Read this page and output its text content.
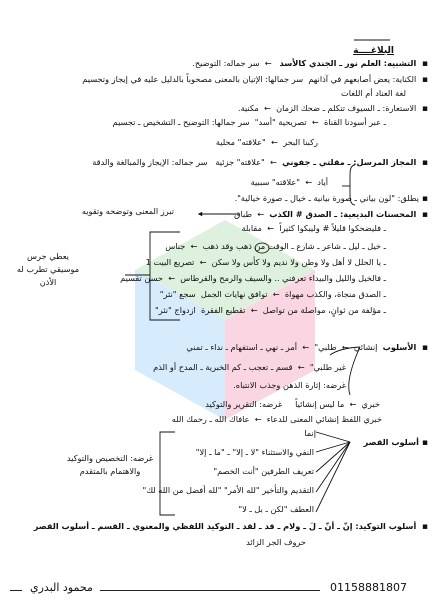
البلاغــــة
▪ التشبيه: العلم نور ـ الجندي كالأسد   ←  سر جماله: التوضيح.
▪ الكناية: يعض أصابعهم في آذانهم  سر جمالها: الإتيان بالمعنى مصحوباً بالدليل عليه في إيجاز وتجسيم
لغة العناد أم اللغات
▪ الاستعارة: ـ السيوف تتكلم ـ ضحك الزمان  ←  مكنية.
ـ عبر أسودنا القناة  ←  تصريحية "أسد"  سر جمالها: التوضيح ـ التشخيص ـ تجسيم
ركبنا البحر  ←  "علاقته" محلية
▪ المجاز المرسل: ـ مقلتي ـ جفوني  ←  "علاقته" جزئية   سر جماله: الإيجاز والمبالغة والدقة
أياد  ←  "علاقته" سببية
▪ يطلق: "لون بياني ـ صورة بيانية ـ خيال ـ صورة خيالية".
▪ المحسنات البديعية: ـ الصدق # الكذب  ←  طباق
تبرز المعنى وتوضحه وتقويه
ـ فليضحكوا قليلاً # وليبكوا كثيراً  ←  مقابلة
ـ خيل ـ ليل ـ شاعر ـ شارع ـ الوقت من ذهب وقد ذهب  ←  جناس
ـ يا الحلل لا أهل ولا وطن ولا نديم ولا كأس ولا سكن  ←  تصريع البيت 1
ـ فالخيل والليل والبيداء تعرفني .. والسيف والرمح والقرطاس  ←  حسن تقسيم
ـ الصدق منجاة، والكذب مهواة  ←  توافق نهايات الجمل  سجع "نثر"
ـ مؤلفة من ثوانٍ، مواصلة من تواصل  ←  تقطيع الفقرة  ازدواج "نثر"
يعطي جرس موسيقي تطرب له الأذن
▪ الأسلوب  إنشائي  ←  طلبي"  ←  أمر ـ نهي ـ استفهام ـ نداء ـ تمني
غير طلبي"  ←  قسم ـ تعجب ـ كم الخبرية ـ المدح أو الذم
غرضه: إثارة الذهن وجذب الانتباه.
خبري  ←  ما ليس إنشائياً     غرضه: التقرير والتوكيد
خبري اللفظ إنشائي المعنى للدعاء  ←  عافاك الله ـ رحمك الله
▪ أسلوب القصر
إنما
النفي والاستثناء "لا ـ إلا" ـ "ما ـ إلا"
تعريف الطرفين "أنت الخصم"
التقديم والتأخير "لله الأمر" "لله أفضل من الله لك"
العطف "لكن ـ بل ـ لا"
غرضه: التخصيص والتوكيد والاهتمام بالمتقدم
▪ أسلوب التوكيد: إنّ ـ أنّ ـ لَ ـ ولام ـ قد ـ لقد ـ التوكيد اللفظي والمعنوي ـ القسم ـ أسلوب القصر
حروف الجر الزائد
محمود البدري	01158881807
